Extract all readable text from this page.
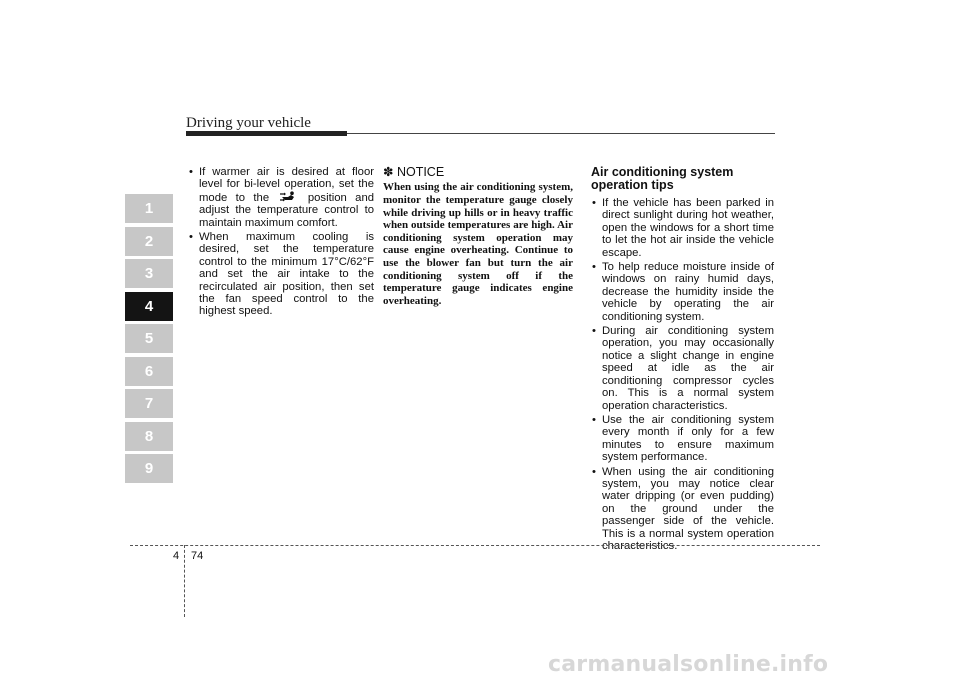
Driving your vehicle
1
2
3
4
5
6
7
8
9
• If warmer air is desired at floor level for bi-level operation, set the mode to the	position and adjust the temperature control to maintain maximum comfort.
• When maximum cooling is desired, set the temperature control to the minimum 17°C/62°F and set the air intake to the recirculated air position, then set the fan speed control to the highest speed.
✽ NOTICE
When using the air conditioning system, monitor the temperature gauge closely while driving up hills or in heavy traffic when outside temperatures are high. Air conditioning system operation may cause engine overheating. Continue to use the blower fan but turn the air conditioning system off if the temperature gauge indicates engine overheating.
Air conditioning system operation tips
• If the vehicle has been parked in direct sunlight during hot weather, open the windows for a short time to let the hot air inside the vehicle escape.
• To help reduce moisture inside of windows on rainy humid days, decrease the humidity inside the vehicle by operating the air conditioning system.
• During air conditioning system operation, you may occasionally notice a slight change in engine speed at idle as the air conditioning compressor cycles on. This is a normal system operation characteristics.
• Use the air conditioning system every month if only for a few minutes to ensure maximum system performance.
• When using the air conditioning system, you may notice clear water dripping (or even pudding) on the ground under the passenger side of the vehicle. This is a normal system operation characteristics.
4 74
carmanualsonline.info
